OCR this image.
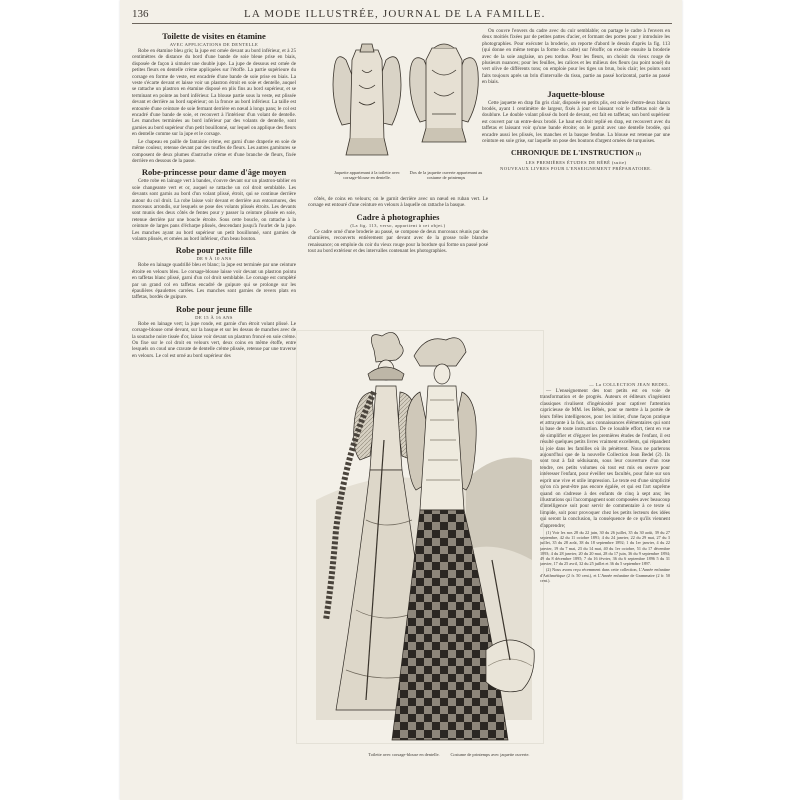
136	LA MODE ILLUSTRÉE, JOURNAL DE LA FAMILLE.
Toilette de visites en étamine
AVEC APPLICATIONS DE DENTELLE
Robe en étamine bleu gris; la jupe est ornée devant au bord inférieur, et à 25 centimètres de distance du bord d'une bande de soie bleue prise en biais, disposée de façon à simuler une double jupe. La jupe de dessous est ornée de petites fleurs en dentelle crème appliquées sur l'étoffe. La partie supérieure du corsage en forme de veste, est encadrée d'une bande de soie prise en biais. La veste s'écarte devant et laisse voir un plastron étroit en soie et dentelle, auquel se rattache un plastron en étamine disposé en plis fins au bord supérieur, et se terminant en pointe au bord inférieur. La blouse partie sous la veste, est plissée devant et derrière au bord supérieur; on la fronce au bord inférieur. La taille est entourée d'une ceinture de soie fermant derrière en nœud à longs pans; le col est encadré d'une bande de soie, et recouvert à l'intérieur d'un volant de dentelle. Les manches terminées au bord inférieur par des volants de dentelle, sont garnies au bord supérieur d'un petit bouillonné, sur lequel on applique des fleurs en dentelle comme sur la jupe et le corsage.
Le chapeau en paille de fantaisie crème, est garni d'une draperie en soie de même couleur, retenue devant par des touffes de fleurs. Les autres garnitures se composent de deux plumes d'autruche crème et d'une branche de fleurs, fixée derrière en dessous de la passe.
Robe-princesse pour dame d'âge moyen
Cette robe en lainage vert à bandes, s'ouvre devant sur un plastron-tablier en soie changeante vert et or, auquel se rattache un col droit semblable. Les devants sont garnis au bord d'un volant plissé, étroit, qui se continue derrière autour du col droit. La robe laisse voir devant et derrière aux entournures, des morceaux arrondis, sur lesquels se pose des volants plissés étroits. Les devants sont munis des deux côtés de fentes pour y passer la ceinture plissée en soie, retenue derrière par une boucle étroite. Sous cette boucle, on rattache à la ceinture de larges pans d'écharpe plissés, descendant jusqu'à l'ourlet de la jupe. Les manches ayant au bord supérieur un petit bouillonné, sont garnies de volants plissés, et ornées au bord inférieur, d'un beau bouton.
Robe pour petite fille
DE 9 À 10 ANS
Robe en lainage quadrillé bleu et blanc; la jupe est terminée par une ceinture étroite en velours bleu. Le corsage-blouse laisse voir devant un plastron pointu en taffetas blanc plissé, garni d'un col droit semblable. Le corsage est complété par un grand col en taffetas encadré de guipure qui se prolonge sur les épaulières épaulettes carrées. Les manches sont garnies de revers plats en taffetas, bordés de guipure.
Robe pour jeune fille
DE 15 À 16 ANS
Robe en lainage vert; la jupe ronde, est garnie d'un étroit volant plissé. Le corsage-blouse orné devant, sur la basque et sur les dessus de manches avec de la soutache noire tissée d'or, laisse voir devant un plastron froncé en soie crème. On fixe sur le col droit en velours vert, deux coins en même étoffe, entre lesquels on coud une cravate de dentelle crème plissée, retenue par une traverse en velours. Le col est orné au bord supérieur des
Jaquette appartenant à la toilette avec corsage-blouse en dentelle.
Dos de la jaquette ouverte appartenant au costume de printemps
côtés, de coins en velours; on le garnit derrière avec un nœud en ruban vert. Le corsage est entouré d'une ceinture en velours à laquelle on rattache la basque.
Cadre à photographies
(La fig. 113, verso, appartient à cet objet.)
Ce cadre orné d'une broderie au passé, se compose de deux morceaux réunis par des charnières, recouverts entièrement par devant avec de la grosse toile blanche renaissance; on emploie du coir du vieux rouge pour la bordure qui forme un passé posé tout au bord extérieur et des intervalles contenant les photographies.
On couvre l'envers du cadre avec du cuir semblable; on partage le cadre à l'envers en deux moitiés fixées par de petites pattes d'acier, et formant des portes pour y introduire les photographies. Pour exécuter la broderie, on reporte d'abord le dessin d'après la fig. 113 (qui donne en même temps la forme du cadre) sur l'étoffe; on exécute ensuite la broderie avec de la soie anglaise, un peu tordue. Pour les fleurs, on choisit du vieux rouge de plusieurs nuances; pour les feuilles, les calices et les milieux des fleurs (au point noué) du vert olive de différents tons; on emploie pour les tiges un brun, bois clair; les points sont faits toujours après un brin d'intervalle du tissu, partie au passé horizontal, partie au passé en biais.
Jaquette-blouse
Cette jaquette en drap fin gris clair, disposée en petits plis, est ornée d'entre-deux blancs brodés, ayant 1 centimètre de largeur, fixés à jour et laissant voir le taffetas noir de la doublure. Le double volant plissé du bord de devant, est fait en taffetas; son bord supérieur est couvert par un entre-deux brodé. Le haut est droit replié en drap, est recouvert avec du taffetas et laissant voir qu'une bande étroite; on le garnit avec une dentelle brodée, qui encadre aussi les plissés, les manches et la basque fendue. La blouse est retenue par une ceinture en soie grise, sur laquelle on pose des boutons d'argent ornées de turquoises.
CHRONIQUE DE L'INSTRUCTION (1)
LES PREMIÈRES ÉTUDES DE BÉBÉ (suite)
NOUVEAUX LIVRES POUR L'ENSEIGNEMENT PRÉPARATOIRE.
— La COLLECTION JEAN BEDEL.
— L'enseignement des tout petits est en voie de transformation et de progrès. Auteurs et éditeurs s'ingénient classiques rivalisent d'ingéniosité pour captiver l'attention capricieuse de MM. les Bébés, pour se mettre à la portée de leurs frêles intelligences, pour les initier, d'une façon pratique et attrayante à la fois, aux connaissances élémentaires qui sont la base de toute instruction. De ce louable effort, tient en vue de simplifier et d'égayer les premières études de l'enfant, il est résulté quelques petits livres vraiment excellents, qui répandent la joie dans les familles où ils pénètrent. Nous ne parlerons aujourd'hui que de la nouvelle Collection Jean Bedel (2). Ils sont tout à fait séduisants, sous leur couverture d'un rose tendre, ces petits volumes où tout est mis en œuvre pour intéresser l'enfant, pour éveiller ses facultés, pour faire sur son esprit une vive et utile impression. Le texte est d'une simplicité qu'on n'a peut-être pas encore égalée, et qui est l'art suprême quand on s'adresse à des enfants de cinq à sept ans; les illustrations qui l'accompagnent sont composées avec beaucoup d'intelligence soit pour servir de commentaire à ce texte si limpide, soit pour provoquer chez les petits lecteurs des idées qui seront la conclusion, la conséquence de ce qu'ils viennent d'apprendre;
(1) Voir les nos 28 du 22 juin, 30 du 26 juillet, 35 du 30 août, 39 du 27 septembre, 42 du 11 octobre 1891; 4 du 24 janvier, 22 du 29 mai, 27 du 3 juillet, 35 du 28 août, 38 du 18 septembre 1892; 1 du 1er janvier, 4 du 22 janvier, 19 du 7 mai, 23 du 14 mai, 40 du 1er octobre, 51 du 17 décembre 1893; 4 du 28 janvier, 20 du 20 mai, 28 du 17 juin, 36 du 9 septembre 1894; 49 du 8 décembre 1895; 7 du 16 février, 36 du 6 septembre 1896 5 du 31 janvier, 17 du 25 avril, 32 du 25 juillet et 36 du 5 septembre 1897.
(2) Nous avons reçu récemment dans cette collection, L'Année enfantine d'Arithmétique (2 fr. 50 cent.), et L'Année enfantine de Grammaire (2 fr. 50 cent.).
Toilette avec corsage-blouse en dentelle.	Costume de printemps avec jaquette ouverte.
